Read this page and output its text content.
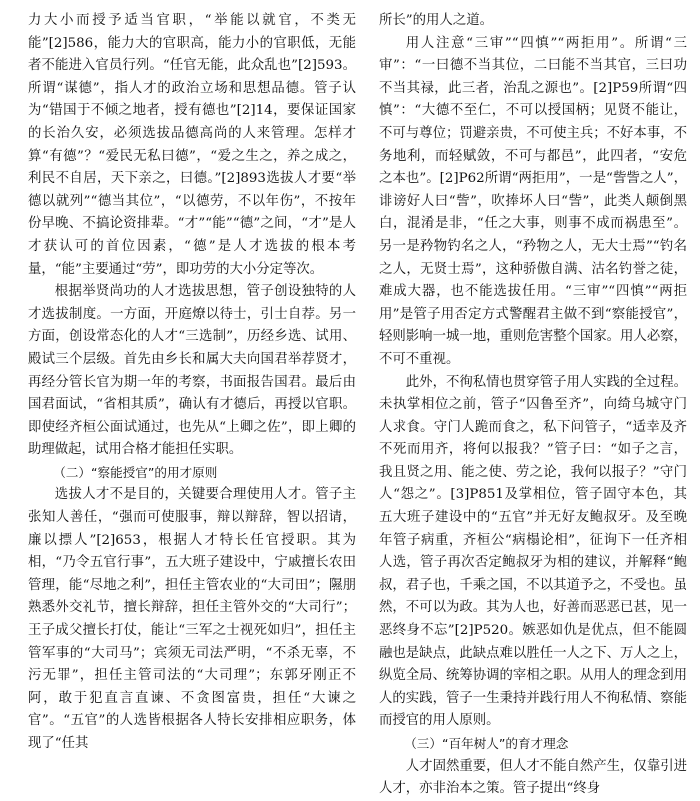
力大小而授予适当官职，“举能以就官，不类无能”[2]586，能力大的官职高，能力小的官职低，无能者不能进入官员行列。“任官无能，此众乱也”[2]593。所谓“谋德”，指人才的政治立场和思想品德。管子认为“错国于不倾之地者，授有德也”[2]14，要保证国家的长治久安，必须选拔品德高尚的人来管理。怎样才算“有德”？“爱民无私曰德”，“爱之生之，养之成之，利民不自居，天下亲之，曰德。”[2]893选拔人才要“举德以就列”“德当其位”，“以德劳，不以年伤”，不按年份早晚、不搞论资排辈。“才”“能”“德”之间，“才”是人才获认可的首位因素，“德”是人才选拔的根本考量，“能”主要通过“劳”，即功劳的大小分定等次。

根据举贤尚功的人才选拔思想，管子创设独特的人才选拔制度。一方面，开庭燎以待士，引士自荐。另一方面，创设常态化的人才“三选制”，历经乡选、试用、殿试三个层级。首先由乡长和属大夫向国君举荐贤才，再经分管长官为期一年的考察，书面报告国君。最后由国君面试，“省相其质”，确认有才德后，再授以官职。即使经齐桓公面试通过，也先从“上卿之佐”，即上卿的助理做起，试用合格才能担任实职。

（二）“察能授官”的用才原则

选拔人才不是目的，关键要合理使用人才。管子主张知人善任，“强而可使服事，辩以辩辞，智以招请，廉以摽人”[2]653，根据人才特长任官授职。其为相，“乃令五官行事”，五大班子建设中，宁戚擅长农田管理，能“尽地之利”，担任主管农业的“大司田”；隰朋熟悉外交礼节，擅长辩辞，担任主管外交的“大司行”；王子成父擅长打仗，能让“三军之士视死如归”，担任主管军事的“大司马”；宾须无司法严明，“不杀无辜，不污无罪”，担任主管司法的“大司理”；东郭牙刚正不阿，敢于犯直言直谏、不贪图富贵，担任“大谏之官”。“五官”的人选皆根据各人特长安排相应职务，体现了“任其

所长”的用人之道。

用人注意“三审”“四慎”“两拒用”。所谓“三审”：“一曰德不当其位，二曰能不当其官，三曰功不当其禄，此三者，治乱之源也”。[2]P59所谓“四慎”：“大德不至仁，不可以授国柄；见贤不能让，不可与尊位；罚避亲贵，不可使主兵；不好本事，不务地利，而轻赋敛，不可与都邑”，此四者，“安危之本也”。[2]P62所谓“两拒用”，一是“訾訾之人”，诽谤好人曰“訾”，吹捧坏人曰“訾”，此类人颠倒黑白，混淆是非，“任之大事，则事不成而祸患至”。另一是矜物钓名之人，“矜物之人，无大士焉”“钓名之人，无贤士焉”，这种骄傲自满、沽名钓誉之徒，难成大器，也不能选拔任用。“三审”“四慎”“两拒用”是管子用否定方式警醒君主做不到“察能授官”，轻则影响一城一地，重则危害整个国家。用人必察，不可不重视。

此外，不徇私情也贯穿管子用人实践的全过程。未执掌相位之前，管子“囚鲁至齐”，向绮乌城守门人求食。守门人跪而食之，私下问管子，“适幸及齐不死而用齐，将何以报我？”管子曰：“如子之言，我且贤之用、能之使、劳之论，我何以报子？”守门人“怨之”。[3]P851及掌相位，管子固守本色，其五大班子建设中的“五官”并无好友鲍叔牙。及至晚年管子病重，齐桓公“病榻论相”，征询下一任齐相人选，管子再次否定鲍叔牙为相的建议，并解释“鲍叔，君子也，千乘之国，不以其道予之，不受也。虽然，不可以为政。其为人也，好善而恶恶已甚，见一恶终身不忘”[2]P520。嫉恶如仇是优点，但不能圆融也是缺点，此缺点难以胜任一人之下、万人之上，纵览全局、统筹协调的宰相之职。从用人的理念到用人的实践，管子一生秉持并践行用人不徇私情、察能而授官的用人原则。

（三）“百年树人”的育才理念

人才固然重要，但人才不能自然产生，仅靠引进人才，亦非治本之策。管子提出“终身
